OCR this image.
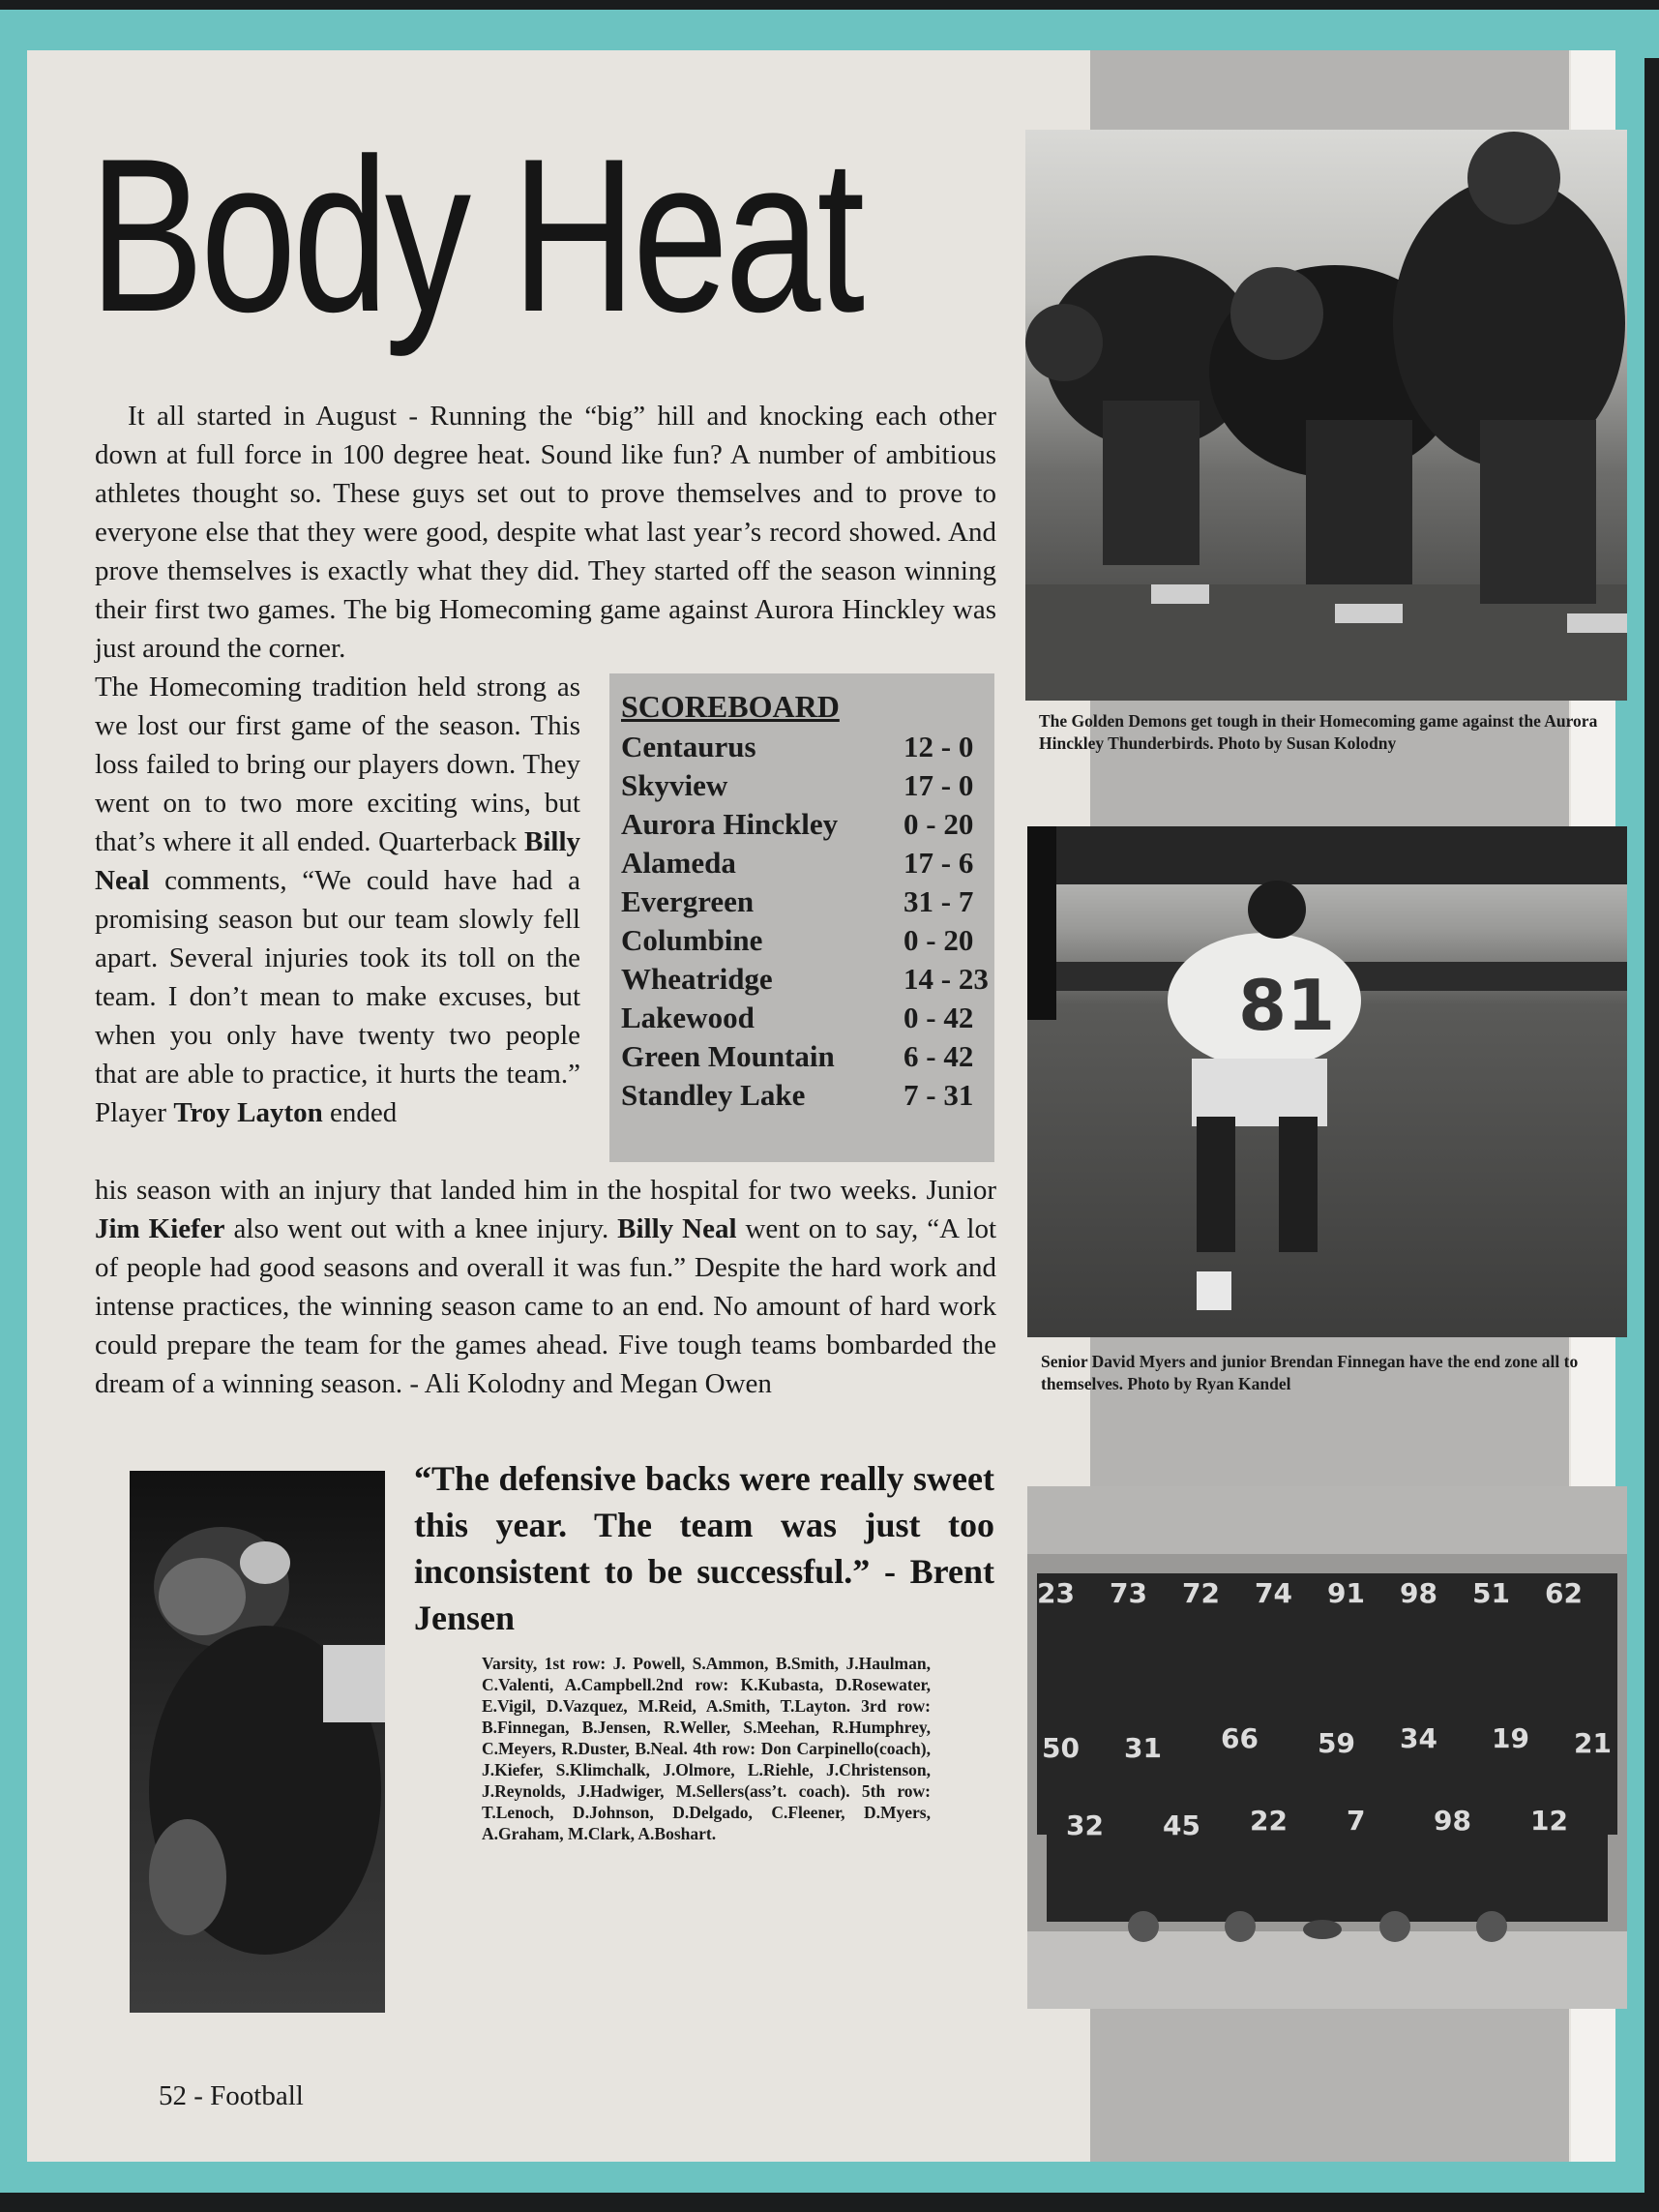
Body Heat

It all started in August - Running the “big” hill and knocking each other down at full force in 100 degree heat. Sound like fun? A number of ambitious athletes thought so. These guys set out to prove themselves and to prove to everyone else that they were good, despite what last year’s record showed. And prove themselves is exactly what they did. They started off the season winning their first two games. The big Homecoming game against Aurora Hinckley was just around the corner.

The Homecoming tradition held strong as we lost our first game of the season. This loss failed to bring our players down. They went on to two more exciting wins, but that’s where it all ended. Quarterback Billy Neal comments, “We could have had a promising season but our team slowly fell apart. Several injuries took its toll on the team. I don’t mean to make excuses, but when you only have twenty two people that are able to practice, it hurts the team.” Player Troy Layton ended

SCOREBOARD
Centaurus	12 - 0
Skyview	17 - 0
Aurora Hinckley 0 - 20
Alameda	17 - 6
Evergreen	31 - 7
Columbine	0 - 20
Wheatridge	14 - 23
Lakewood	0 - 42
Green Mountain 6 - 42
Standley Lake	7 - 31

his season with an injury that landed him in the hospital for two weeks. Junior Jim Kiefer also went out with a knee injury. Billy Neal went on to say, “A lot of people had good seasons and overall it was fun.” Despite the hard work and intense practices, the winning season came to an end. No amount of hard work could prepare the team for the games ahead. Five tough teams bombarded the dream of a winning season. - Ali Kolodny and Megan Owen

The Golden Demons get tough in their Homecoming game against the Aurora Hinckley Thunderbirds. Photo by Susan Kolodny

81

Senior David Myers and junior Brendan Finnegan have the end zone all to themselves. Photo by Ryan Kandel

23 73 72 74 91 98 51 62
50 31 66 59 34 19 21
32 45 22 7	98 12

“The defensive backs were really sweet this year. The team was just too inconsistent to be successful.” - Brent Jensen

Varsity, 1st row: J. Powell, S.Ammon, B.Smith, J.Haulman, C.Valenti, A.Campbell.2nd row: K.Kubasta, D.Rosewater, E.Vigil, D.Vazquez, M.Reid, A.Smith, T.Layton. 3rd row: B.Finnegan, B.Jensen, R.Weller, S.Meehan, R.Humphrey, C.Meyers, R.Duster, B.Neal. 4th row: Don Carpinello(coach), J.Kiefer, S.Klimchalk, J.Olmore, L.Riehle, J.Christenson, J.Reynolds, J.Hadwiger, M.Sellers(ass’t. coach). 5th row: T.Lenoch, D.Johnson, D.Delgado, C.Fleener, D.Myers, A.Graham, M.Clark, A.Boshart.

52 - Football
